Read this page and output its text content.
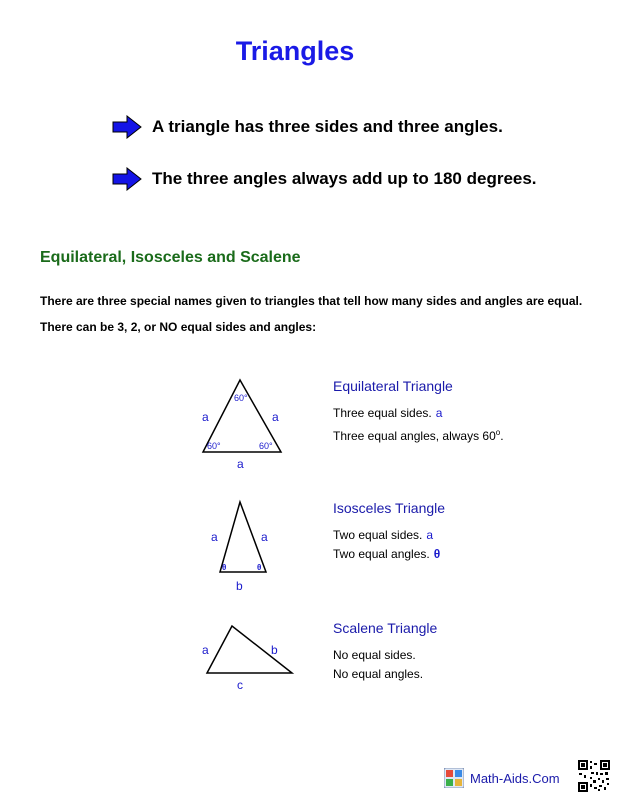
Triangles
A triangle has three sides and three angles.
The three angles always add up to 180 degrees.
Equilateral, Isosceles and Scalene
There are three special names given to triangles that tell how many sides and angles are equal.
There can be 3, 2, or NO equal sides and angles:
60°
60°	60°
a	a
a
Equilateral Triangle
Three equal sides. a
Three equal angles, always 60$^o$.
θ	θ
a	a
b
Isosceles Triangle
Two equal sides. a
Two equal angles. θ
a	b
c
Scalene Triangle
No equal sides.
No equal angles.
Math-Aids.Com
